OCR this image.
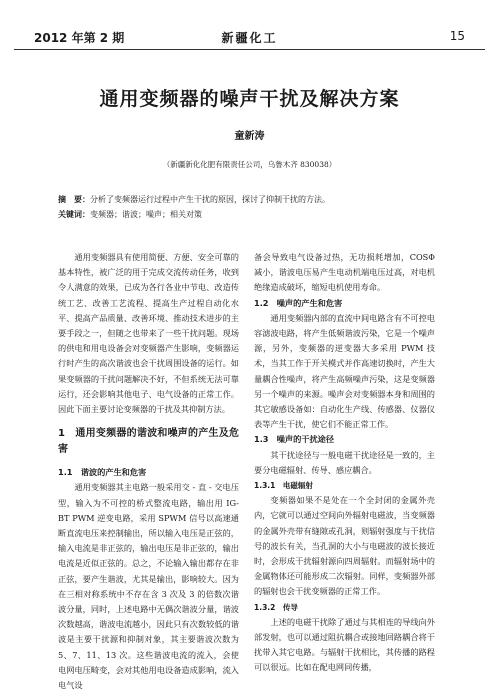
2012 年第 2 期	新疆化工	15
通用变频器的噪声干扰及解决方案
童新涛
（新疆新化化肥有限责任公司，乌鲁木齐 830038）
摘　要：分析了变频器运行过程中产生干扰的原因，探讨了抑制干扰的方法。
关键词：变频器；谐波；噪声；相关对策

通用变频器具有使用简便、方便、安全可靠的基本特性，被广泛的用于完成交流传动任务，收到令人满意的效果，已成为各行各业中节电、改造传统工艺、改善工艺流程、提高生产过程自动化水平、提高产品质量、改善环境、推动技术进步的主要手段之一，但随之也带来了一些干扰问题。现场的供电和用电设备会对变频器产生影响，变频器运行时产生的高次谐波也会干扰周围设备的运行。如果变频器的干扰问题解决不好，不但系统无法可靠运行，还会影响其他电子、电气设备的正常工作。因此下面主要讨论变频器的干扰及其抑制方法。

1　通用变频器的谐波和噪声的产生及危害
1.1　谐波的产生和危害

通用变频器其主电路一般采用交 - 直 - 交电压型，输入为不可控的桥式整流电路，输出用 IG-BT PWM 逆变电路，采用 SPWM 信号以高速通断直流电压来控制输出，所以输入电压是正弦的，输入电流是非正弦的，输出电压是非正弦的，输出电流是近似正弦的。总之，不论输入输出都存在非正弦，要产生谐波，尤其是输出，影响较大。因为在三相对称系统中不存在含 3 次及 3 的倍数次谐波分量，同时，上述电路中无偶次谐波分量，谐波次数越高，谐波电流越小，因此只有次数较低的谐波是主要干扰源和抑制对象，其主要谐波次数为 5、7、11、13 次。这些谐波电流的流入，会使电网电压畸变，会对其他用电设备造成影响，流入电气设

备会导致电气设备过热，无功损耗增加，COSΦ 减小，谐波电压易产生电动机端电压过高，对电机绝缘造成破坏，缩短电机使用寿命。

1.2　噪声的产生和危害

通用变频器内部的直流中间电路含有不可控电容滤波电路，将产生低频谐波污染，它是一个噪声源，另外，变频器的逆变器大多采用 PWM 技术，当其工作于开关模式并作高速切换时，产生大量耦合性噪声，将产生高频噪声污染，这是变频器另一个噪声的来源。噪声会对变频器本身和周围的其它敏感设备如：自动化生产线、传感器、仪器仪表等产生干扰，使它们不能正常工作。

1.3　噪声的干扰途径

其干扰途径与一般电磁干扰途径是一致的，主要分电磁辐射、传导、感应耦合。

1.3.1　电磁辐射

变频器如果不是处在一个全封闭的金属外壳内，它就可以通过空间向外辐射电磁波，当变频器的金属外壳带有缝隙或孔洞，则辐射强度与干扰信号的波长有关，当孔洞的大小与电磁波的波长接近时，会形成干扰辐射源向四周辐射。而辐射场中的金属物体还可能形成二次辐射。同样，变频器外部的辐射也会干扰变频器的正常工作。

1.3.2　传导

上述的电磁干扰除了通过与其相连的导线向外部发射，也可以通过阻抗耦合或接地回路耦合将干扰带入其它电路。与辐射干扰相比，其传播的路程可以很远。比如在配电网同传播，
